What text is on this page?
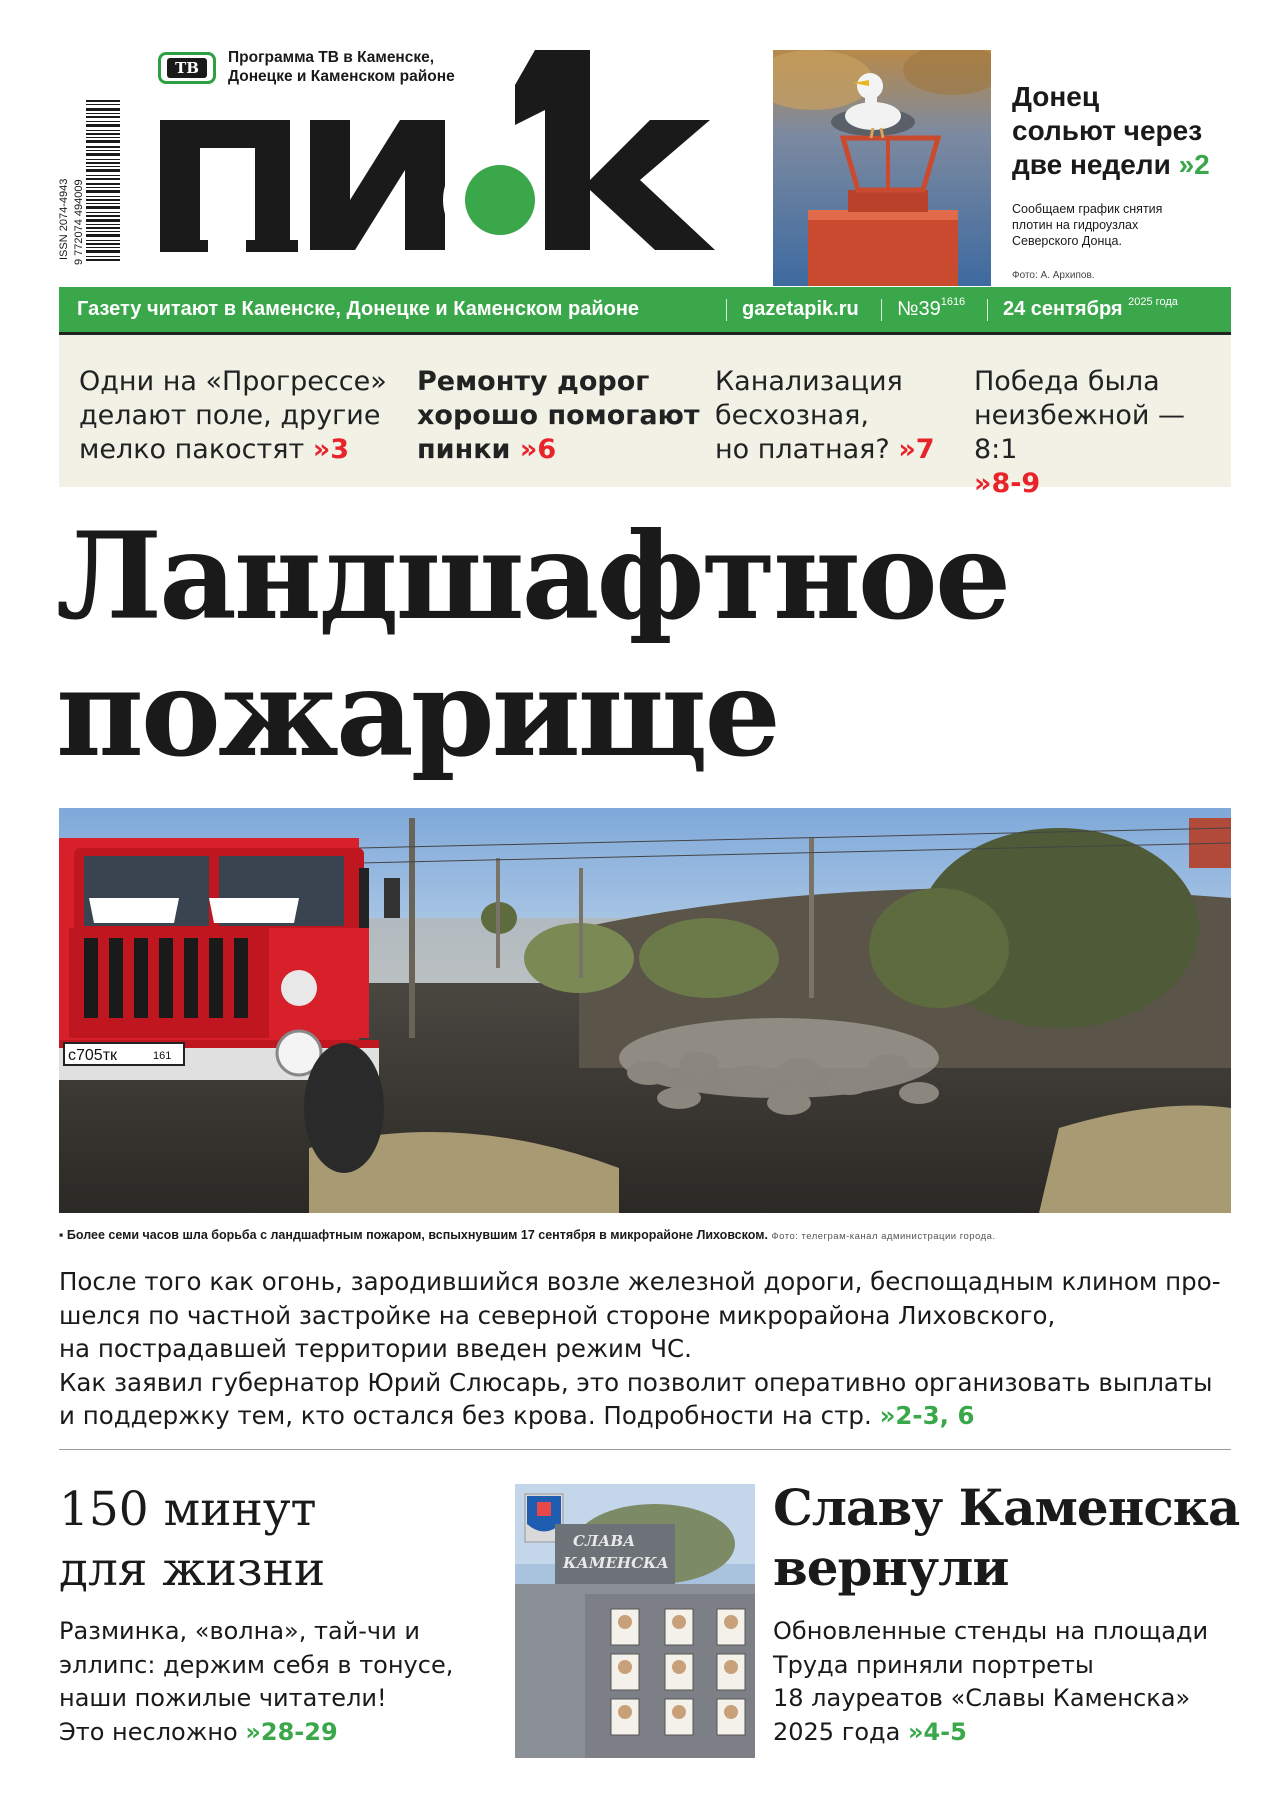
ISSN 2074-4943 9 772074 494009
ТВ
Программа ТВ в Каменске,
Донецке и Каменском районе
Донец
сольют через
две недели »2
Сообщаем график снятия
плотин на гидроузлах
Северского Донца.
Фото: А. Архипов.
Газету читают в Каменске, Донецке и Каменском районе	gazetapik.ru $№39^{1616}$ 24 сентября $^{2025 года}$
Одни на «Прогрессе»
делают поле, другие
мелко пакостят »3
Ремонту дорог
хорошо помогают
пинки »6
Канализация
бесхозная,
но платная? »7
Победа была
неизбежной — 8:1
»8-9
Ландшафтное
пожарище
с705тк	161
▪ Более семи часов шла борьба с ландшафтным пожаром, вспыхнувшим 17 сентября в микрорайоне Лиховском. Фото: телеграм-канал администрации города.
После того как огонь, зародившийся возле железной дороги, беспощадным клином про-
шелся по частной застройке на северной стороне микрорайона Лиховского,
на пострадавшей территории введен режим ЧС.
Как заявил губернатор Юрий Слюсарь, это позволит оперативно организовать выплаты
и поддержку тем, кто остался без крова. Подробности на стр. »2-3, 6
150 минут
для жизни
Разминка, «волна», тай-чи и
эллипс: держим себя в тонусе,
наши пожилые читатели!
Это несложно »28-29
СЛАВА
КАМЕНСКА
Славу Каменска
вернули
Обновленные стенды на площади
Труда приняли портреты
18 лауреатов «Славы Каменска»
2025 года »4-5
